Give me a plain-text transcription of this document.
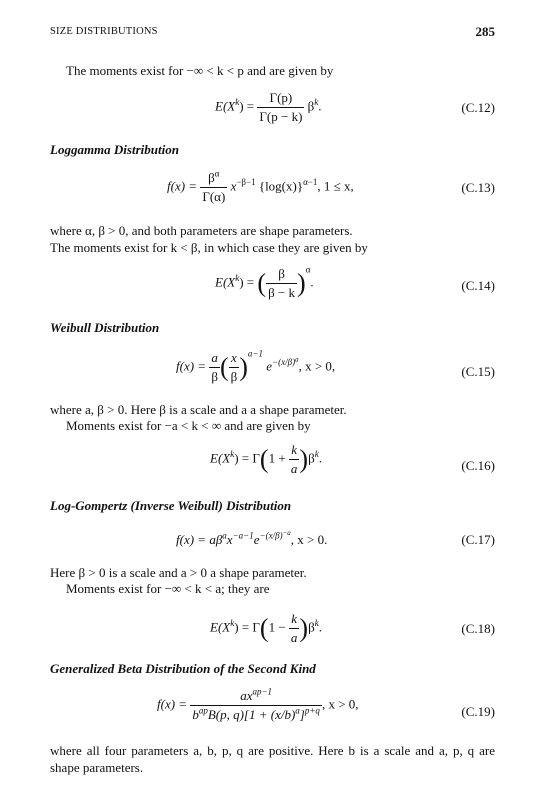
SIZE DISTRIBUTIONS	285
The moments exist for −∞ < k < p and are given by
$E(X^k) = \frac{\Gamma(p)}{\Gamma(p - k)} \beta^k$.	(C.12)
Loggamma Distribution
$f(x) = \frac{\beta^\alpha}{\Gamma(\alpha)} x^{-\beta-1}$ $\{\log(x)\}^{\alpha-1}$, 1 ≤ x,	(C.13)
where α, β > 0, and both parameters are shape parameters.
The moments exist for k < β, in which case they are given by
$E(X^k)$ = ( $\frac{\beta}{\beta - k} )^\alpha$.	(C.14)
Weibull Distribution
$f(x) = \frac{a}{\beta}$ ( $\frac{x}{\beta} )^{a-1}$ $e^{-(x/\beta)a}$, x > 0,	(C.15)
where a, β > 0. Here β is a scale and a a shape parameter.
Moments exist for −a < k < ∞ and are given by
$E(X^k) = \Gamma(1 + \frac{k}{a} )\beta^k$.
(C.16)
Log-Gompertz (Inverse Weibull) Distribution
$f(x) = a\beta^ax^{-a-1}e^{-(x/\beta)-a}$, x > 0.	(C.17)
Here β > 0 is a scale and a > 0 a shape parameter.
Moments exist for −∞ < k < a; they are
$E(X^k) = \Gamma(1 - \frac{k}{a} )\beta^k$.	(C.18)
Generalized Beta Distribution of the Second Kind
$f(x) = \frac{ax^{ap-1}}{b^{ap}B(p, q)[1 + (x/b)^a]^{p+q}}$ , x > 0,
(C.19)
where all four parameters a, b, p, q are positive. Here b is a scale and a, p, q are shape parameters.
